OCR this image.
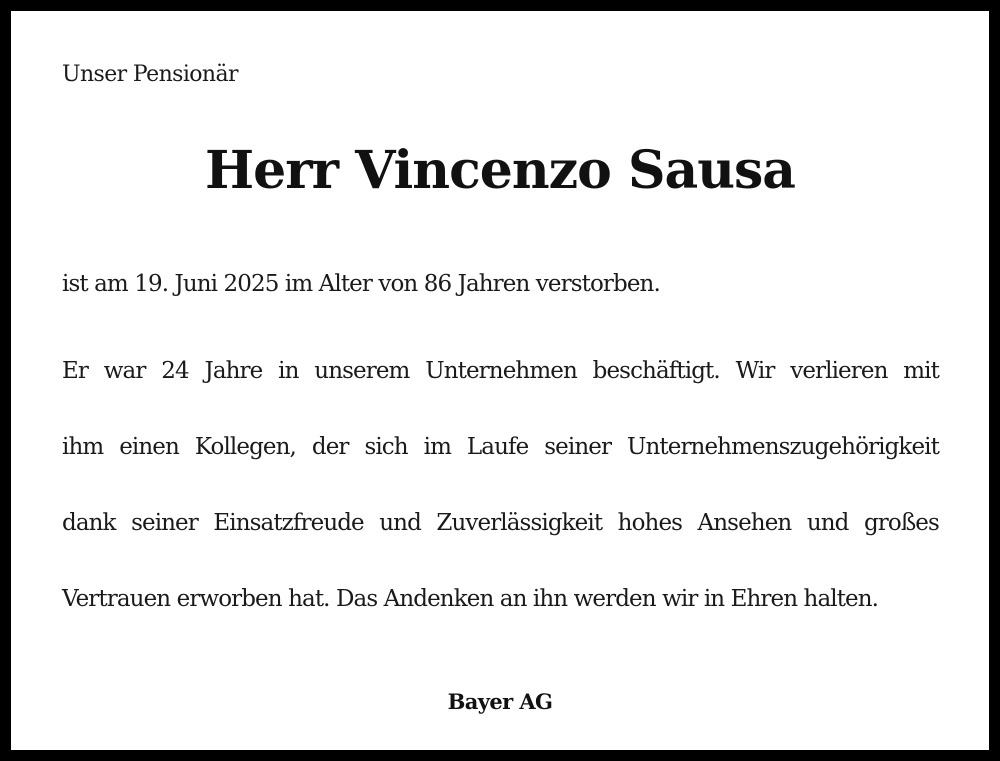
Unser Pensionär
Herr Vincenzo Sausa
ist am 19. Juni 2025 im Alter von 86 Jahren verstorben.
Er war 24 Jahre in unserem Unternehmen beschäftigt. Wir verlieren mit
ihm einen Kollegen, der sich im Laufe seiner Unternehmenszugehörigkeit
dank seiner Einsatzfreude und Zuverlässigkeit hohes Ansehen und großes
Vertrauen erworben hat. Das Andenken an ihn werden wir in Ehren halten.
Bayer AG
